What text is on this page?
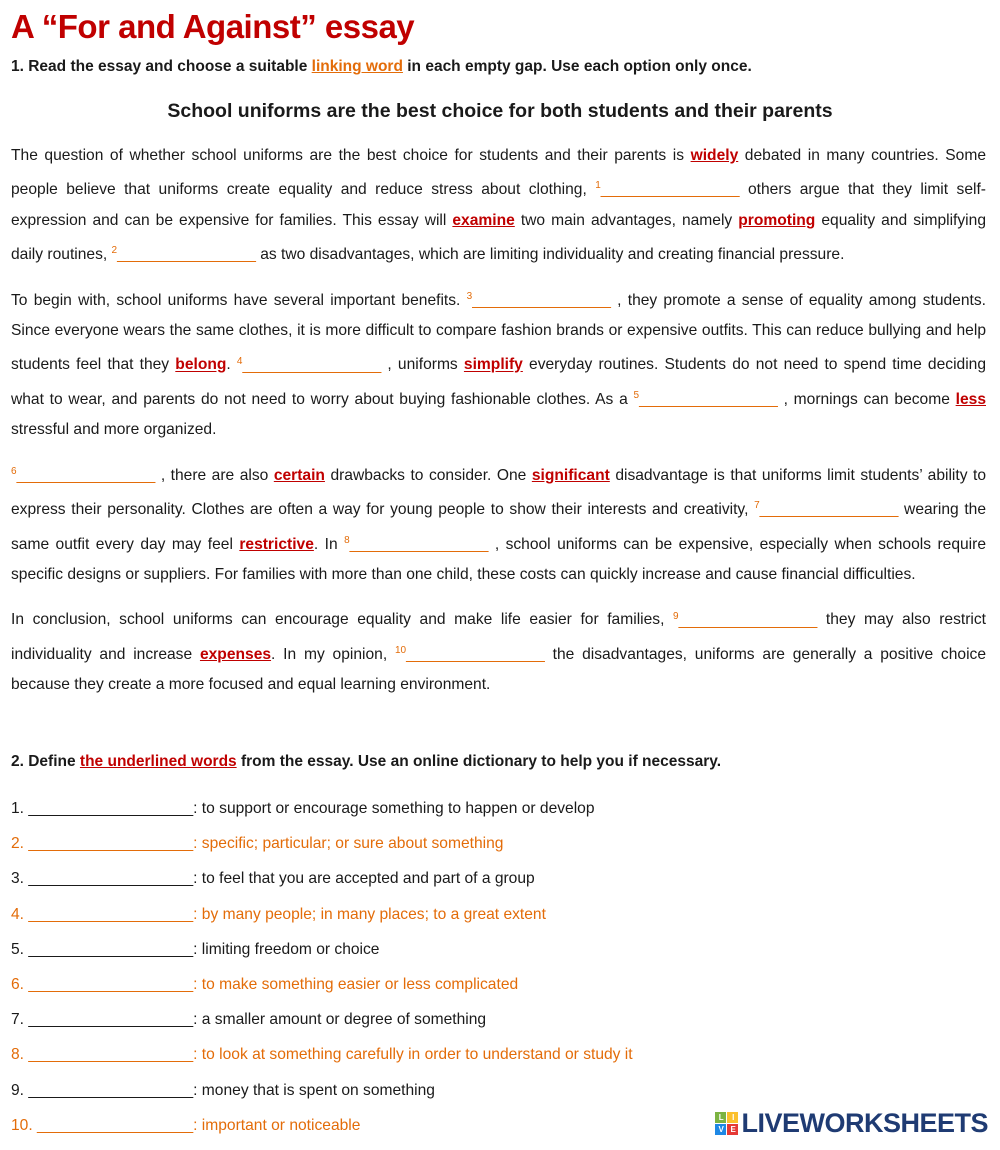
A “For and Against” essay
1. Read the essay and choose a suitable linking word in each empty gap. Use each option only once.
School uniforms are the best choice for both students and their parents

The question of whether school uniforms are the best choice for students and their parents is widely debated in many countries. Some people believe that uniforms create equality and reduce stress about clothing, $^1$________________ others argue that they limit self-expression and can be expensive for families. This essay will examine two main advantages, namely promoting equality and simplifying daily routines, $^2$________________ as two disadvantages, which are limiting individuality and creating financial pressure.

To begin with, school uniforms have several important benefits. $^3$________________ , they promote a sense of equality among students. Since everyone wears the same clothes, it is more difficult to compare fashion brands or expensive outfits. This can reduce bullying and help students feel that they belong. $^4$________________ , uniforms simplify everyday routines. Students do not need to spend time deciding what to wear, and parents do not need to worry about buying fashionable clothes. As a $^5$________________ , mornings can become less stressful and more organized.

$^6$________________ , there are also certain drawbacks to consider. One significant disadvantage is that uniforms limit students’ ability to express their personality. Clothes are often a way for young people to show their interests and creativity, $^7$________________ wearing the same outfit every day may feel restrictive. In $^8$________________ , school uniforms can be expensive, especially when schools require specific designs or suppliers. For families with more than one child, these costs can quickly increase and cause financial difficulties.

In conclusion, school uniforms can encourage equality and make life easier for families, $^9$________________ they may also restrict individuality and increase expenses. In my opinion, $^{10}$________________ the disadvantages, uniforms are generally a positive choice because they create a more focused and equal learning environment.

2. Define the underlined words from the essay. Use an online dictionary to help you if necessary.
1. ___________________: to support or encourage something to happen or develop
2. ___________________: specific; particular; or sure about something
3. ___________________: to feel that you are accepted and part of a group
4. ___________________: by many people; in many places; to a great extent
5. ___________________: limiting freedom or choice
6. ___________________: to make something easier or less complicated
7. ___________________: a smaller amount or degree of something
8. ___________________: to look at something carefully in order to understand or study it
9. ___________________: money that is spent on something
10. __________________: important or noticeable	L	I
V E LIVEWORKSHEETS
